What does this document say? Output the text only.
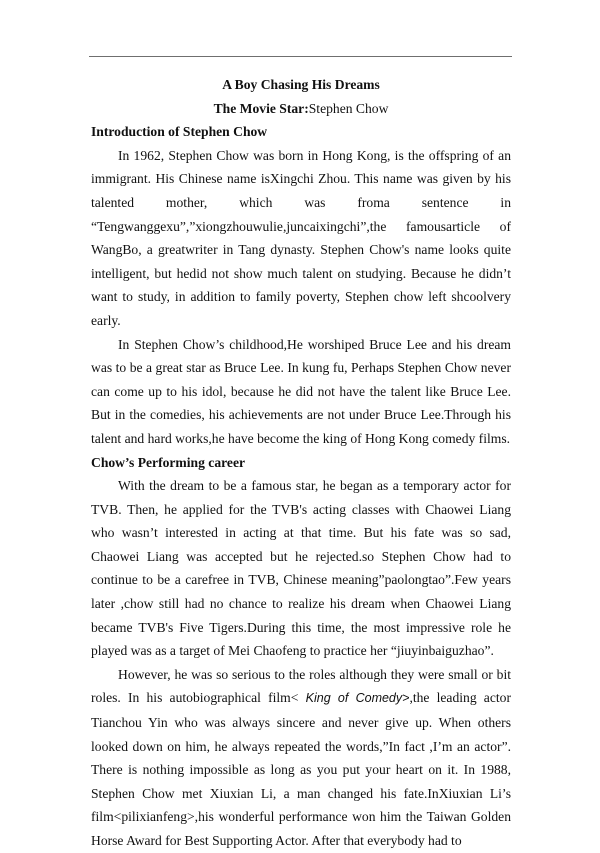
A Boy Chasing His Dreams

The Movie Star:Stephen Chow

Introduction of Stephen Chow

In 1962, Stephen Chow was born in Hong Kong, is the offspring of an immigrant. His Chinese name isXingchi Zhou. This name was given by his talented mother, which was froma sentence in “Tengwanggexu”,”xiongzhouwulie,juncaixingchi”,the famousarticle of WangBo, a greatwriter in Tang dynasty. Stephen Chow's name looks quite intelligent, but hedid not show much talent on studying. Because he didn’t want to study, in addition to family poverty, Stephen chow left shcoolvery early.

In Stephen Chow’s childhood,He worshiped Bruce Lee and his dream was to be a great star as Bruce Lee. In kung fu, Perhaps Stephen Chow never can come up to his idol, because he did not have the talent like Bruce Lee. But in the comedies, his achievements are not under Bruce Lee.Through his talent and hard works,he have become the king of Hong Kong comedy films.

Chow’s Performing career

With the dream to be a famous star, he began as a temporary actor for TVB. Then, he applied for the TVB's acting classes with Chaowei Liang who wasn’t interested in acting at that time. But his fate was so sad, Chaowei Liang was accepted but he rejected.so Stephen Chow had to continue to be a carefree in TVB, Chinese meaning”paolongtao”.Few years later ,chow still had no chance to realize his dream when Chaowei Liang became TVB's Five Tigers.During this time, the most impressive role he played was as a target of Mei Chaofeng to practice her “jiuyinbaiguzhao”.

However, he was so serious to the roles although they were small or bit roles. In his autobiographical film< King of Comedy>,the leading actor Tianchou Yin who was always sincere and never give up. When others looked down on him, he always repeated the words,”In fact ,I’m an actor”. There is nothing impossible as long as you put your heart on it. In 1988, Stephen Chow met Xiuxian Li, a man changed his fate.InXiuxian Li’s film<pilixianfeng>,his wonderful performance won him the Taiwan Golden Horse Award for Best Supporting Actor. After that everybody had to
